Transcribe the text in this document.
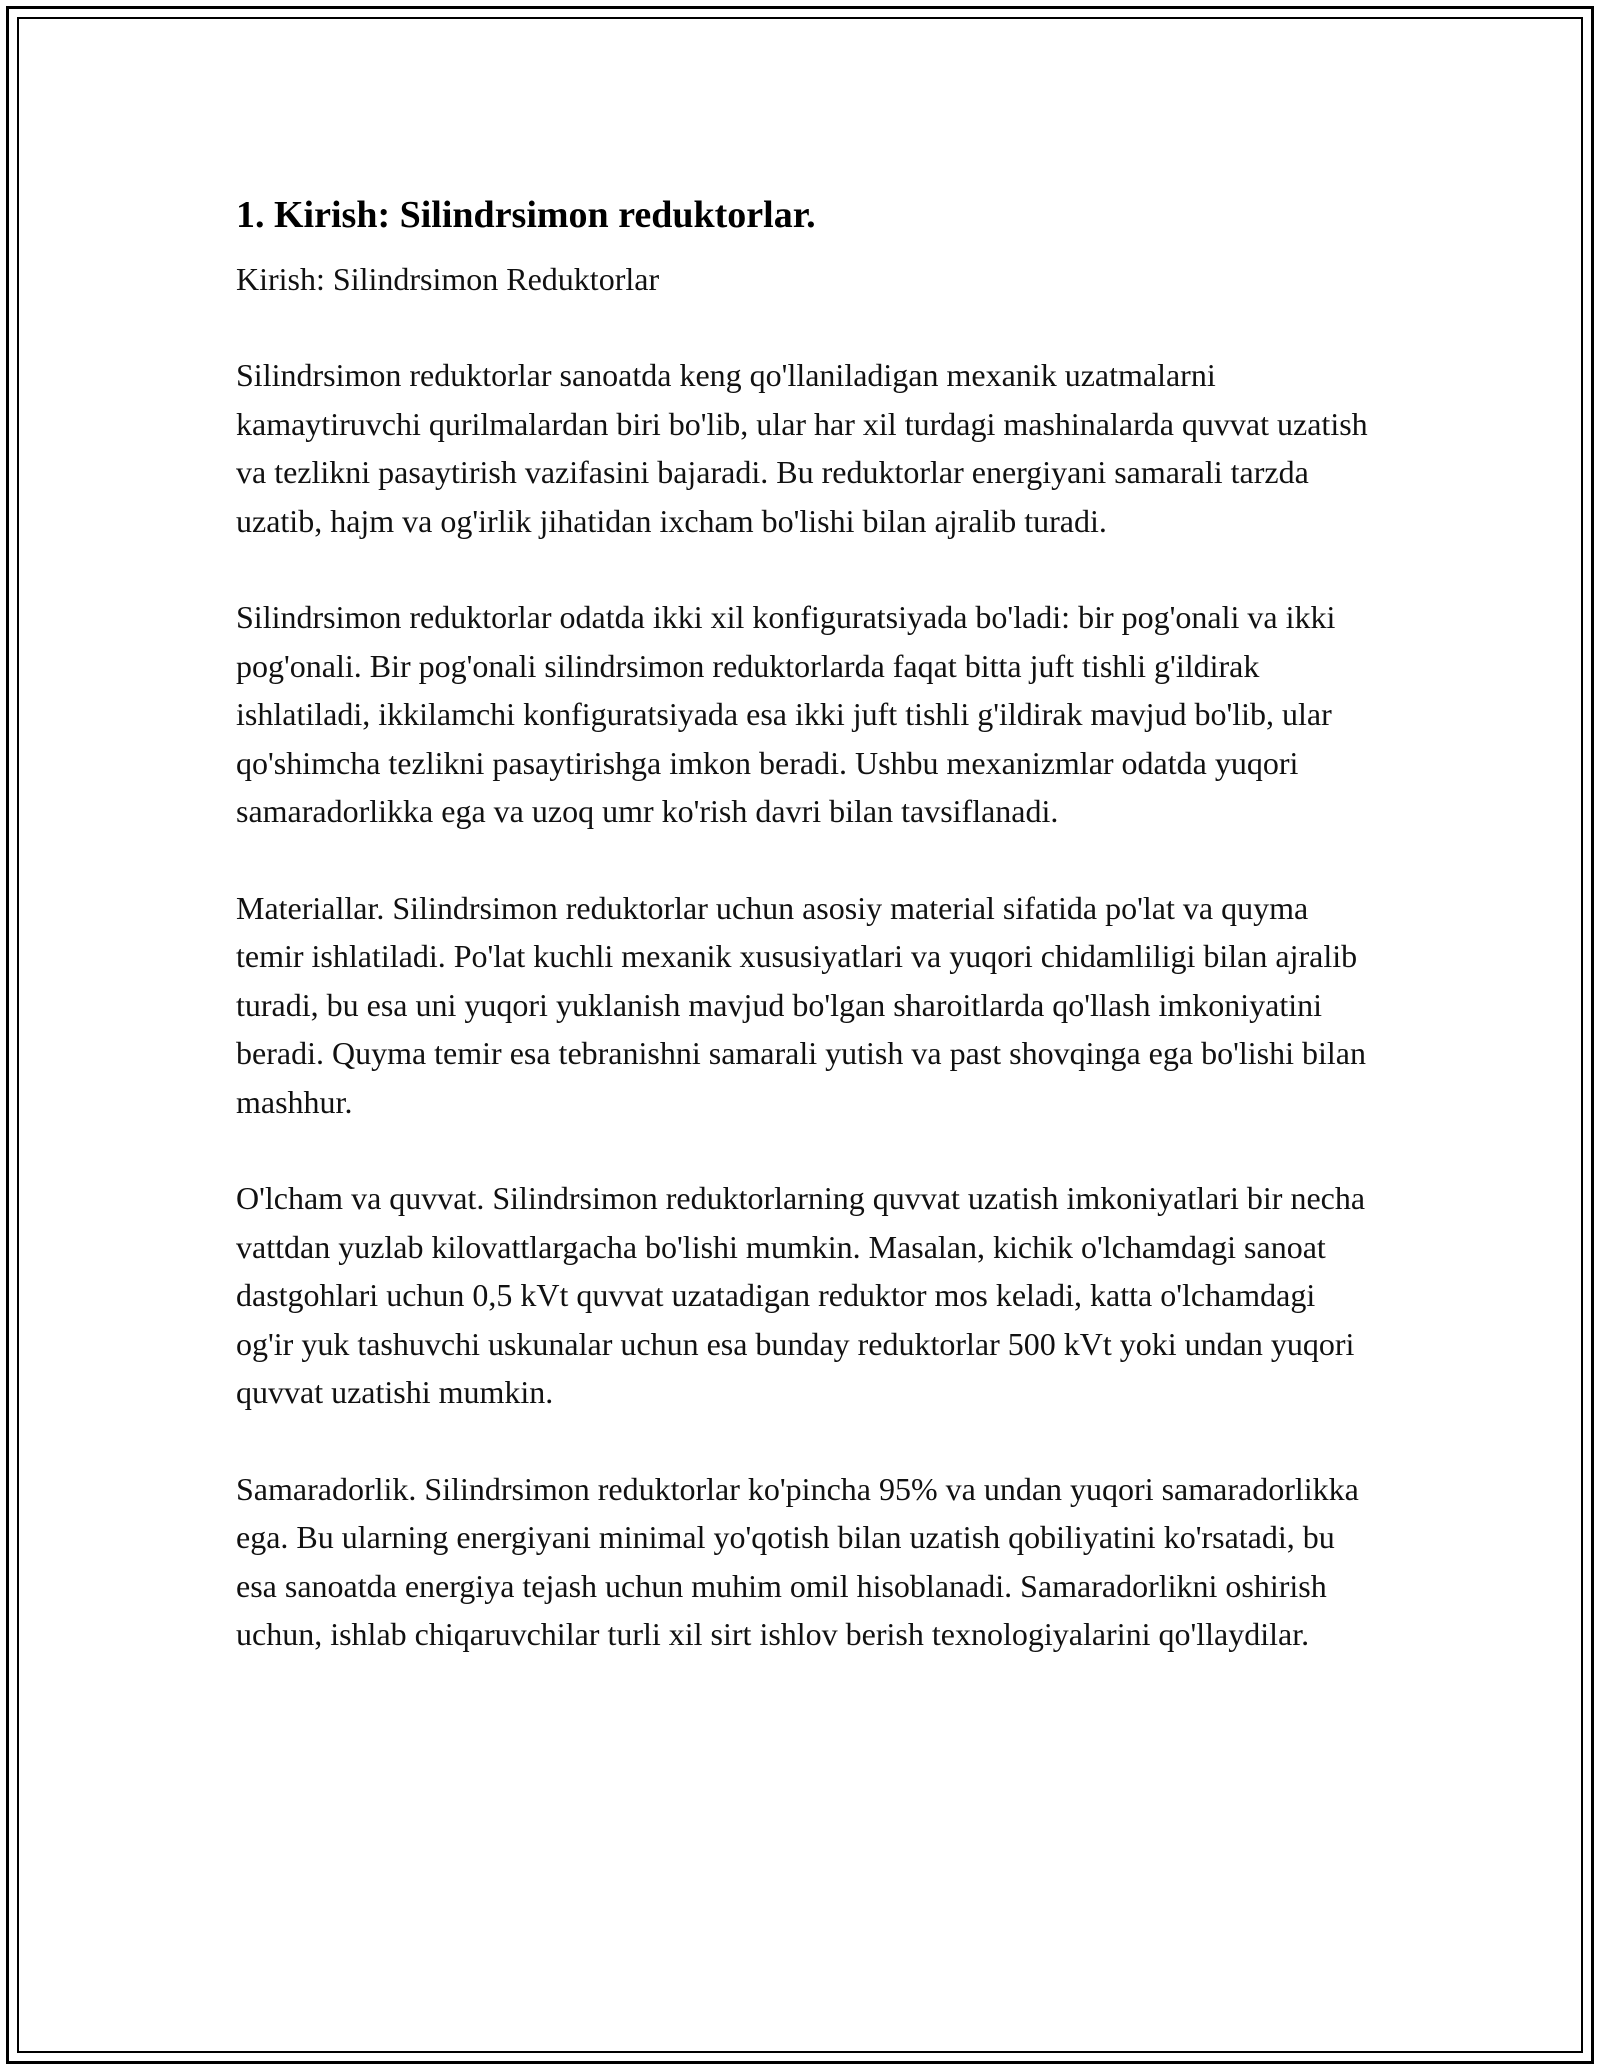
1. Kirish: Silindrsimon reduktorlar.

Kirish: Silindrsimon Reduktorlar

Silindrsimon reduktorlar sanoatda keng qo'llaniladigan mexanik uzatmalarni kamaytiruvchi qurilmalardan biri bo'lib, ular har xil turdagi mashinalarda quvvat uzatish va tezlikni pasaytirish vazifasini bajaradi. Bu reduktorlar energiyani samarali tarzda uzatib, hajm va og'irlik jihatidan ixcham bo'lishi bilan ajralib turadi.

Silindrsimon reduktorlar odatda ikki xil konfiguratsiyada bo'ladi: bir pog'onali va ikki pog'onali. Bir pog'onali silindrsimon reduktorlarda faqat bitta juft tishli g'ildirak ishlatiladi, ikkilamchi konfiguratsiyada esa ikki juft tishli g'ildirak mavjud bo'lib, ular qo'shimcha tezlikni pasaytirishga imkon beradi. Ushbu mexanizmlar odatda yuqori samaradorlikka ega va uzoq umr ko'rish davri bilan tavsiflanadi.

Materiallar. Silindrsimon reduktorlar uchun asosiy material sifatida po'lat va quyma temir ishlatiladi. Po'lat kuchli mexanik xususiyatlari va yuqori chidamliligi bilan ajralib turadi, bu esa uni yuqori yuklanish mavjud bo'lgan sharoitlarda qo'llash imkoniyatini beradi. Quyma temir esa tebranishni samarali yutish va past shovqinga ega bo'lishi bilan mashhur.

O'lcham va quvvat. Silindrsimon reduktorlarning quvvat uzatish imkoniyatlari bir necha vattdan yuzlab kilovattlargacha bo'lishi mumkin. Masalan, kichik o'lchamdagi sanoat dastgohlari uchun 0,5 kVt quvvat uzatadigan reduktor mos keladi, katta o'lchamdagi og'ir yuk tashuvchi uskunalar uchun esa bunday reduktorlar 500 kVt yoki undan yuqori quvvat uzatishi mumkin.

Samaradorlik. Silindrsimon reduktorlar ko'pincha 95% va undan yuqori samaradorlikka ega. Bu ularning energiyani minimal yo'qotish bilan uzatish qobiliyatini ko'rsatadi, bu esa sanoatda energiya tejash uchun muhim omil hisoblanadi. Samaradorlikni oshirish uchun, ishlab chiqaruvchilar turli xil sirt ishlov berish texnologiyalarini qo'llaydilar.
